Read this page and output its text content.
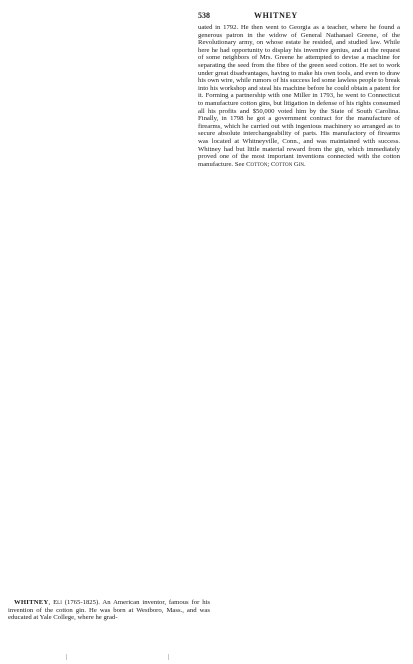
538	WHITNEY

uated in 1792. He then went to Georgia as a teacher, where he found a generous patron in the widow of General Nathanael Greene, of the Revolutionary army, on whose estate he resided, and studied law. While here he had opportunity to display his inventive genius, and at the request of some neighbors of Mrs. Greene he attempted to devise a machine for separating the seed from the fibre of the green seed cotton. He set to work under great disadvantages, having to make his own tools, and even to draw his own wire, while rumors of his success led some lawless people to break into his workshop and steal his machine before he could obtain a patent for it. Forming a partnership with one Miller in 1793, he went to Connecticut to manufacture cotton gins, but litigation in defense of his rights consumed all his profits and $50,000 voted him by the State of South Carolina. Finally, in 1798 he got a government contract for the manufacture of firearms, which he carried out with ingenious machinery so arranged as to secure absolute interchangeability of parts. His manufactory of firearms was located at Whitneyville, Conn., and was maintained with success. Whitney had but little material reward from the gin, which immediately proved one of the most important inventions connected with the cotton manufacture. See Cotton; Cotton Gin.

WHITNEY, Eli (1765-1825). An American inventor, famous for his invention of the cotton gin. He was born at Westboro, Mass., and was educated at Yale College, where he grad-
